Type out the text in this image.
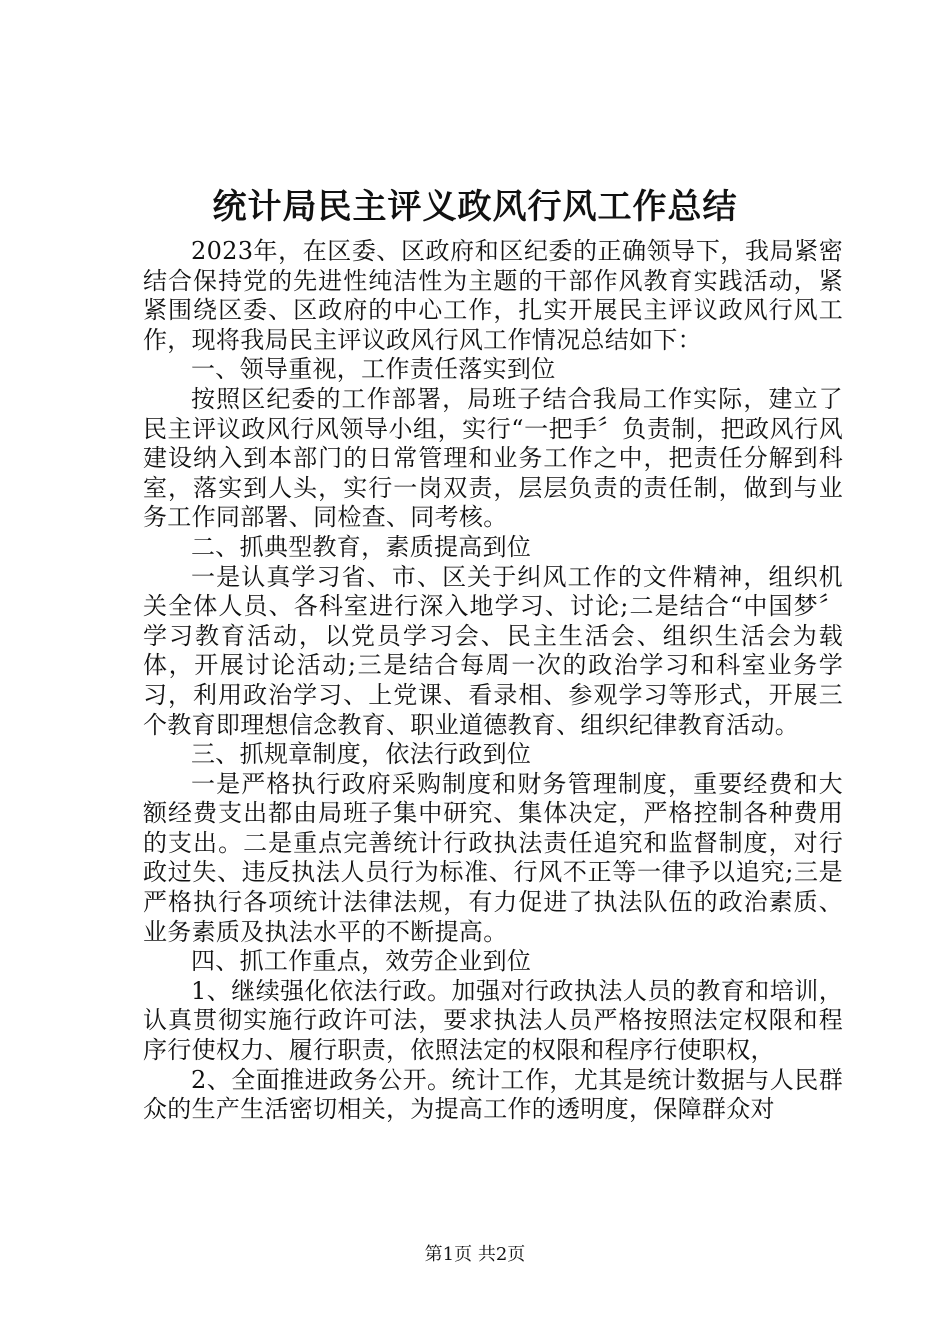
统计局民主评义政风行风工作总结

2023年，在区委、区政府和区纪委的正确领导下，我局紧密结合保持党的先进性纯洁性为主题的干部作风教育实践活动，紧紧围绕区委、区政府的中心工作，扎实开展民主评议政风行风工作，现将我局民主评议政风行风工作情况总结如下：

一、领导重视，工作责任落实到位

按照区纪委的工作部署，局班子结合我局工作实际，建立了民主评议政风行风领导小组，实行“一把手〞负责制，把政风行风建设纳入到本部门的日常管理和业务工作之中，把责任分解到科室，落实到人头，实行一岗双责，层层负责的责任制，做到与业务工作同部署、同检查、同考核。

二、抓典型教育，素质提高到位

一是认真学习省、市、区关于纠风工作的文件精神，组织机关全体人员、各科室进行深入地学习、讨论;二是结合“中国梦〞学习教育活动，以党员学习会、民主生活会、组织生活会为载体，开展讨论活动;三是结合每周一次的政治学习和科室业务学习，利用政治学习、上党课、看录相、参观学习等形式，开展三个教育即理想信念教育、职业道德教育、组织纪律教育活动。

三、抓规章制度，依法行政到位

一是严格执行政府采购制度和财务管理制度，重要经费和大额经费支出都由局班子集中研究、集体决定，严格控制各种费用的支出。二是重点完善统计行政执法责任追究和监督制度，对行政过失、违反执法人员行为标准、行风不正等一律予以追究;三是严格执行各项统计法律法规，有力促进了执法队伍的政治素质、业务素质及执法水平的不断提高。

四、抓工作重点，效劳企业到位

1、继续强化依法行政。加强对行政执法人员的教育和培训，认真贯彻实施行政许可法，要求执法人员严格按照法定权限和程序行使权力、履行职责，依照法定的权限和程序行使职权，

2、全面推进政务公开。统计工作，尤其是统计数据与人民群众的生产生活密切相关，为提高工作的透明度，保障群众对

第1页 共2页
